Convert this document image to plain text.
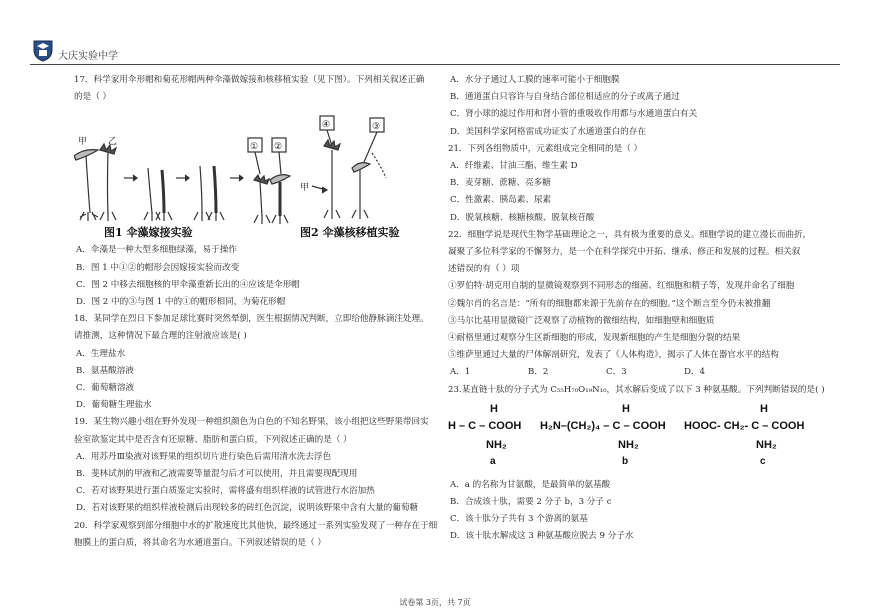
大庆实验中学

17．科学家用伞形帽和菊花形帽两种伞藻做嫁接和核移植实验（见下图）。下列相关叙述正确

的是（ ）

甲 乙	① ②
④
甲
③
图1 伞藻嫁接实验	图2 伞藻核移植实验

A．伞藻是一种大型多细胞绿藻，易于操作

B．图 1 中①②的帽形会因嫁接实验而改变

C．图 2 中移去细胞核的甲伞藻重新长出的④应该是伞形帽

D．图 2 中的③与图 1 中的①的帽形相同，为菊花形帽

18．某同学在烈日下参加足球比赛时突然晕倒，医生根据情况判断，立即给他静脉滴注处理。

请推测，这种情况下最合理的注射液应该是( )

A．生理盐水

B．氨基酸溶液

C．葡萄糖溶液

D．葡萄糖生理盐水

19．某生物兴趣小组在野外发现一种组织颜色为白色的不知名野果，该小组把这些野果带回实

验室欲鉴定其中是否含有还原糖、脂肪和蛋白质，下列叙述正确的是（ ）

A．用苏丹Ⅲ染液对该野果的组织切片进行染色后需用清水洗去浮色

B．斐林试剂的甲液和乙液需要等量混匀后才可以使用，并且需要现配现用

C．若对该野果进行蛋白质鉴定实验时，需将盛有组织样液的试管进行水浴加热

D．若对该野果的组织样液检测后出现较多的砖红色沉淀，说明该野果中含有大量的葡萄糖

20．科学家观察到部分细胞中水的扩散速度比其他快，最终通过一系列实验发现了一种存在于细

胞膜上的蛋白质，将其命名为水通道蛋白。下列叙述错误的是（ ）

A．水分子通过人工膜的速率可能小于细胞膜

B．通道蛋白只容许与自身结合部位相适应的分子或离子通过

C．肾小球的滤过作用和肾小管的重吸收作用都与水通道蛋白有关

D．美国科学家阿格雷成功证实了水通道蛋白的存在

21．下列各组物质中，元素组成完全相同的是（ ）

A．纤维素、甘油三酯、维生素 D

B．麦芽糖、蔗糖、亮多糖

C．性激素、胰岛素、尿素

D．脱氧核糖、核糖核酸、脱氧核苷酸

22．细胞学说是现代生物学基础理论之一，具有极为重要的意义。细胞学说的建立漫长而曲折，

凝聚了多位科学家的不懈努力，是一个在科学探究中开拓、继承、修正和发展的过程。相关叙

述错误的有（ ）项

①罗伯特·胡克用自制的显微镜观察到不同形态的细菌、红细胞和精子等，发现并命名了细胞

②魏尔肖的名言是：“所有的细胞都来源于先前存在的细胞。”这个断言至今仍未被推翻

③马尔比基用显微镜广泛观察了动植物的微细结构，如细胞壁和细胞质

④耐格里通过观察分生区新细胞的形成，发现新细胞的产生是细胞分裂的结果

⑤维萨里通过大量的尸体解剖研究，发表了《人体构造》，揭示了人体在器官水平的结构

A．1	B．2	C．3	D．4

23.某直链十肽的分子式为 C₅₅H₇₀O₁₉N₁₀，其水解后变成了以下 3 种氨基酸。下列判断错误的是( )

H
H – C – COOH
NH₂
a
H
H₂N–(CH₂)₄ – C – COOH
NH₂
b
H
HOOC- CH₂- C – COOH
NH₂
c

A．a 的名称为甘氨酸，是最简单的氨基酸

B．合成该十肽，需要 2 分子 b，3 分子 c

C．该十肽分子共有 3 个游离的氨基

D．该十肽水解成这 3 种氨基酸应脱去 9 分子水

试卷第 3页，共 7页
